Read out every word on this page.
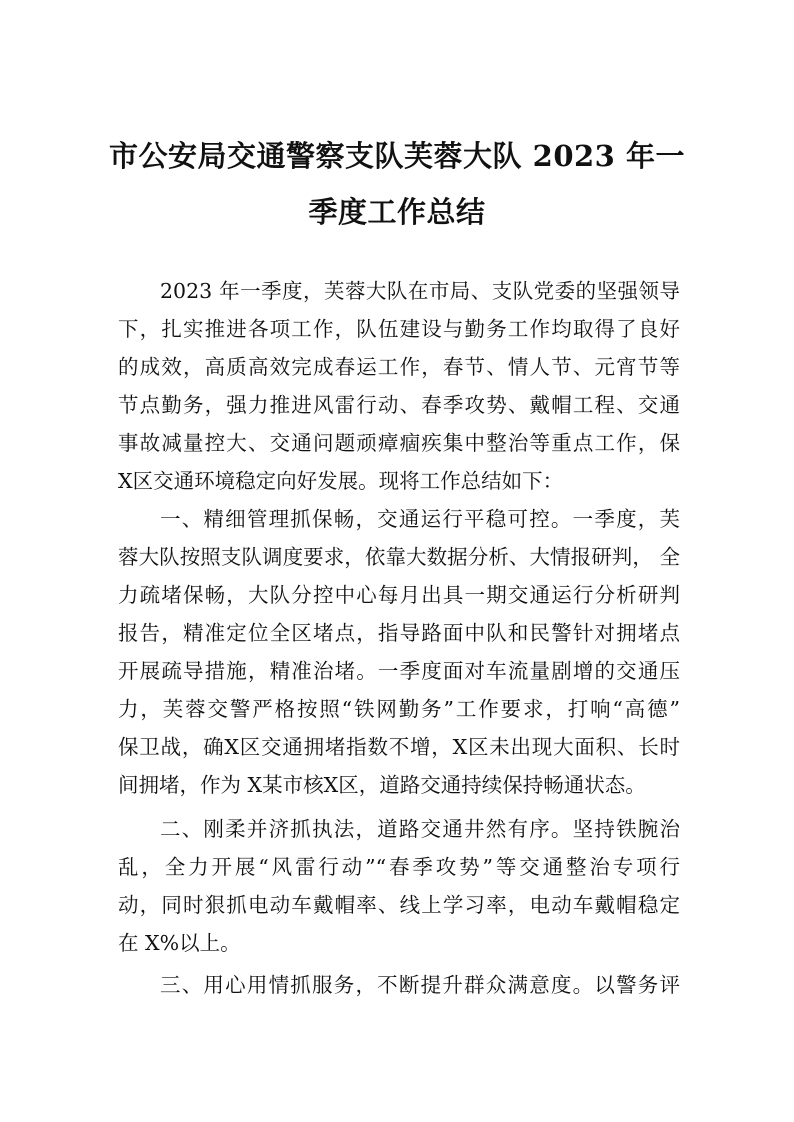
市公安局交通警察支队芙蓉大队 2023 年一
季度工作总结

2023 年一季度，芙蓉大队在市局、支队党委的坚强领导

下，扎实推进各项工作，队伍建设与勤务工作均取得了良好

的成效，高质高效完成春运工作，春节、情人节、元宵节等

节点勤务，强力推进风雷行动、春季攻势、戴帽工程、交通

事故减量控大、交通问题顽瘴痼疾集中整治等重点工作，保

X区交通环境稳定向好发展。现将工作总结如下：

一、精细管理抓保畅，交通运行平稳可控。一季度，芙

蓉大队按照支队调度要求，依靠大数据分析、大情报研判， 全

力疏堵保畅，大队分控中心每月出具一期交通运行分析研判

报告，精准定位全区堵点，指导路面中队和民警针对拥堵点

开展疏导措施，精准治堵。一季度面对车流量剧增的交通压

力，芙蓉交警严格按照“铁网勤务”工作要求，打响“高德”

保卫战，确X区交通拥堵指数不增，X区未出现大面积、长时

间拥堵，作为 X某市核X区，道路交通持续保持畅通状态。

二、刚柔并济抓执法，道路交通井然有序。坚持铁腕治

乱，全力开展“风雷行动”“春季攻势”等交通整治专项行

动，同时狠抓电动车戴帽率、线上学习率，电动车戴帽稳定

在 X%以上。

三、用心用情抓服务，不断提升群众满意度。以警务评
